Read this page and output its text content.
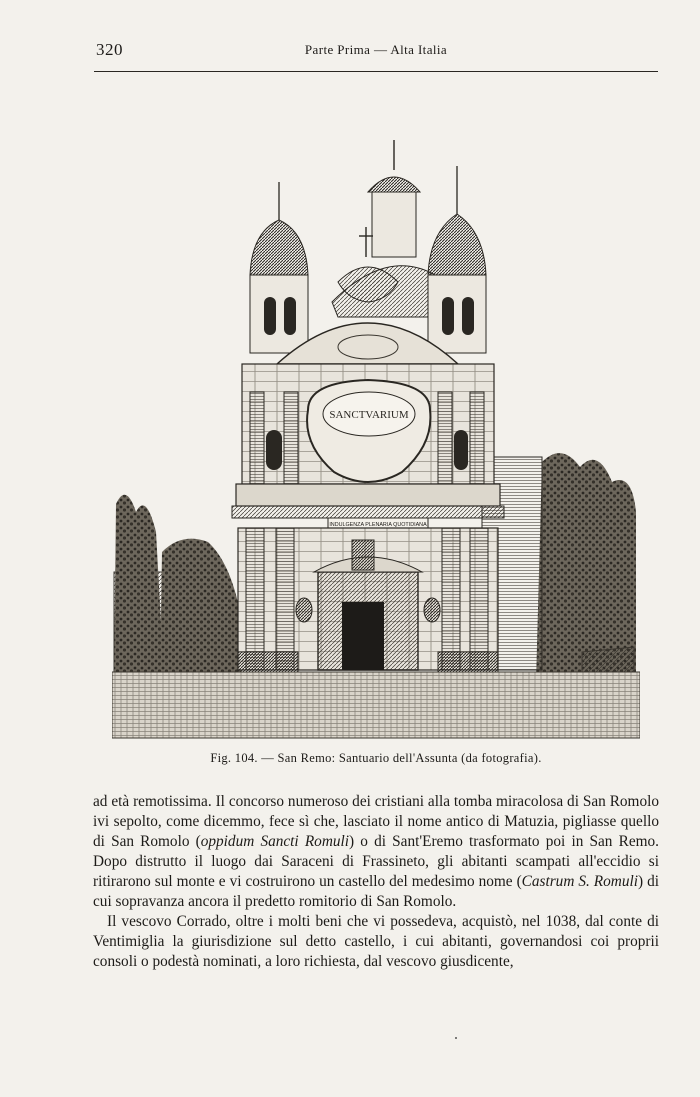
320	Parte Prima — Alta Italia
SANCTVARIUM
INDULGENZA PLENARIA QUOTIDIANA
Fig. 104. — San Remo: Santuario dell'Assunta (da fotografia).

ad età remotissima. Il concorso numeroso dei cristiani alla tomba miracolosa di San Romolo ivi sepolto, come dicemmo, fece sì che, lasciato il nome antico di Matuzia, pigliasse quello di San Romolo (oppidum Sancti Romuli) o di Sant'Eremo trasformato poi in San Remo. Dopo distrutto il luogo dai Saraceni di Frassineto, gli abitanti scampati all'eccidio si ritirarono sul monte e vi costruirono un castello del medesimo nome (Castrum S. Romuli) di cui sopravanza ancora il predetto romitorio di San Romolo.

Il vescovo Corrado, oltre i molti beni che vi possedeva, acquistò, nel 1038, dal conte di Ventimiglia la giurisdizione sul detto castello, i cui abitanti, governandosi coi proprii consoli o podestà nominati, a loro richiesta, dal vescovo giusdicente,
